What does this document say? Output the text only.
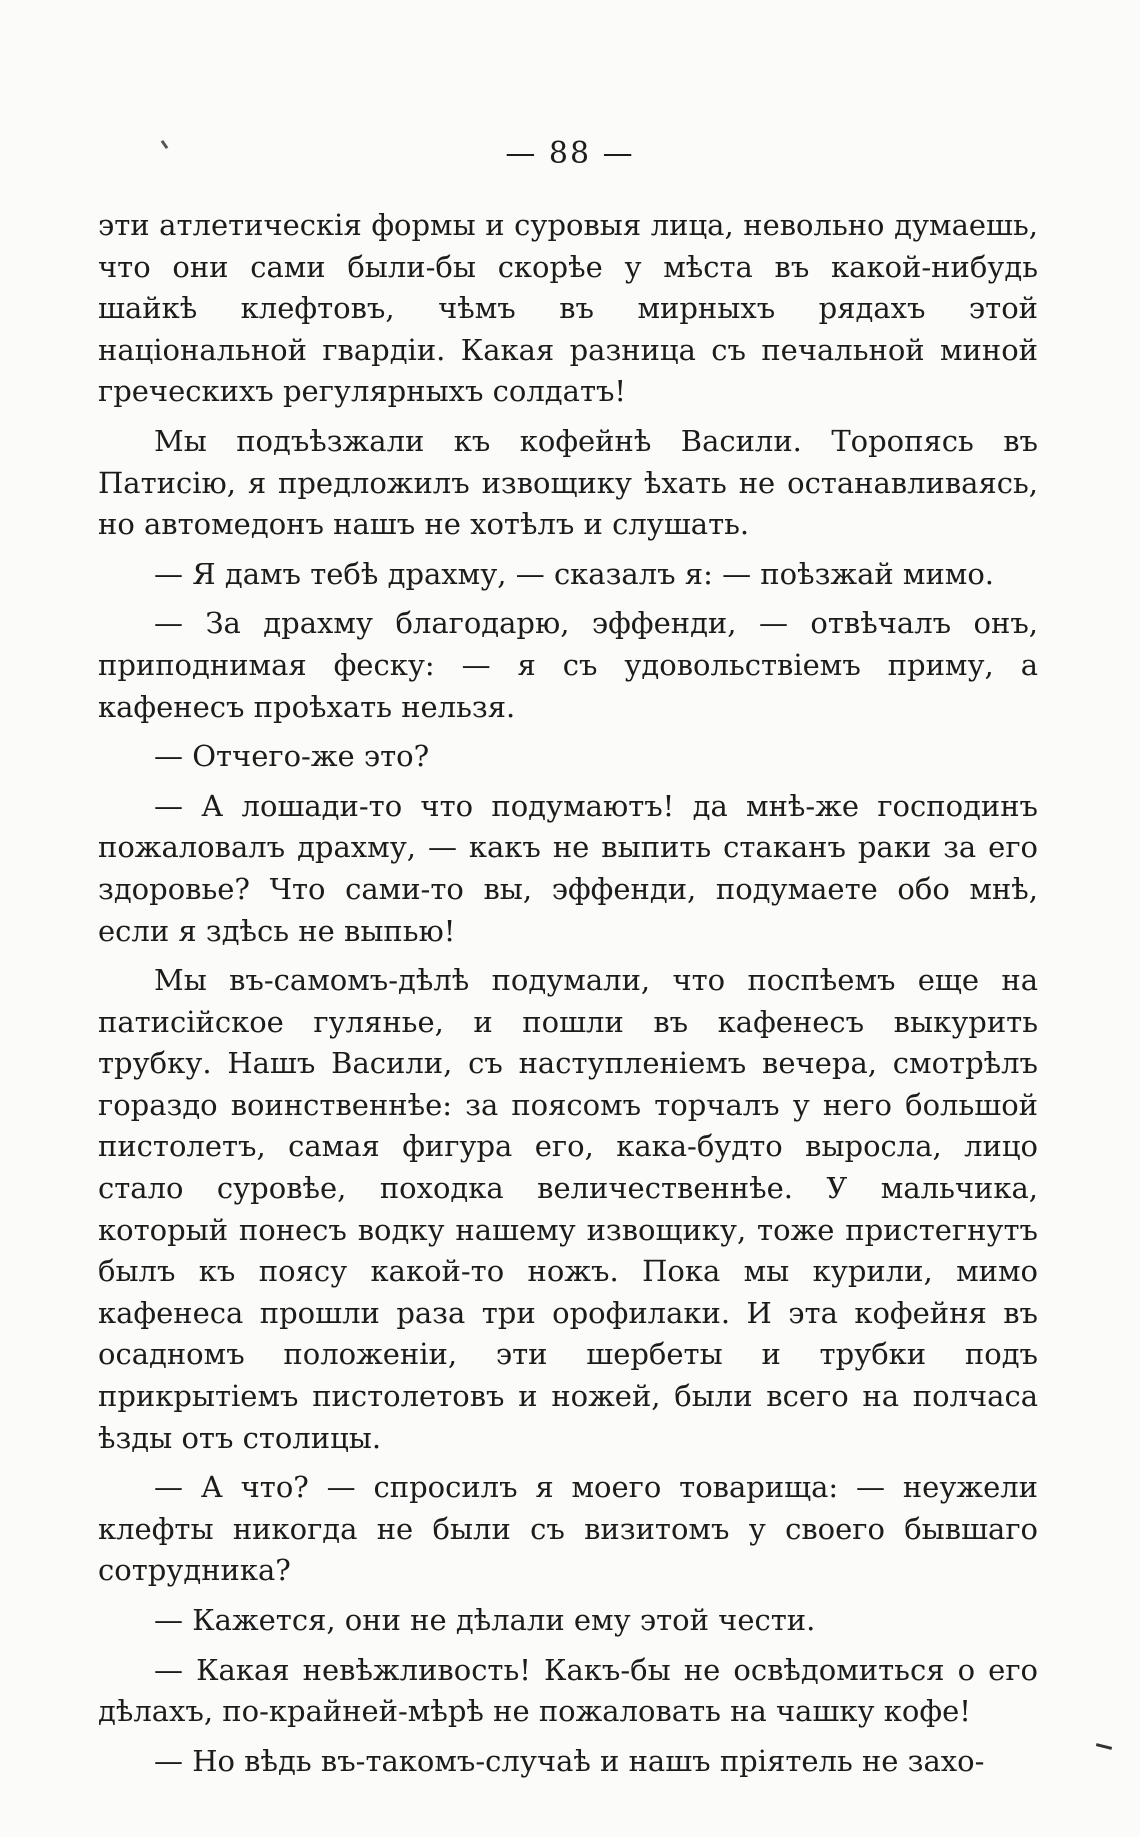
— 88 —

эти атлетическія формы и суровыя лица, невольно думаешь, что они сами были-бы скорѣе у мѣста въ какой-нибудь шайкѣ клефтовъ, чѣмъ въ мирныхъ рядахъ этой національной гвардіи. Какая разница съ печальной миной греческихъ регулярныхъ солдатъ!

Мы подъѣзжали къ кофейнѣ Васили. Торопясь въ Патисію, я предложилъ извощику ѣхать не останавливаясь, но автомедонъ нашъ не хотѣлъ и слушать.

— Я дамъ тебѣ драхму, — сказалъ я: — поѣзжай мимо.

— За драхму благодарю, эффенди, — отвѣчалъ онъ, приподнимая феску: — я съ удовольствіемъ приму, а кафенесъ проѣхать нельзя.

— Отчего-же это?

— А лошади-то что подумаютъ! да мнѣ-же господинъ пожаловалъ драхму, — какъ не выпить стаканъ раки за его здоровье? Что сами-то вы, эффенди, подумаете обо мнѣ, если я здѣсь не выпью!

Мы въ-самомъ-дѣлѣ подумали, что поспѣемъ еще на патисійское гулянье, и пошли въ кафенесъ выкурить трубку. Нашъ Васили, съ наступленіемъ вечера, смотрѣлъ гораздо воинственнѣе: за поясомъ торчалъ у него большой пистолетъ, самая фигура его, кака-будто выросла, лицо стало суровѣе, походка величественнѣе. У мальчика, который понесъ водку нашему извощику, тоже пристегнутъ былъ къ поясу какой-то ножъ. Пока мы курили, мимо кафенеса прошли раза три орофилаки. И эта кофейня въ осадномъ положеніи, эти шербеты и трубки подъ прикрытіемъ пистолетовъ и ножей, были всего на полчаса ѣзды отъ столицы.

— А что? — спросилъ я моего товарища: — неужели клефты никогда не были съ визитомъ у своего бывшаго сотрудника?

— Кажется, они не дѣлали ему этой чести.

— Какая невѣжливость! Какъ-бы не освѣдомиться о его дѣлахъ, по-крайней-мѣрѣ не пожаловать на чашку кофе!

— Но вѣдь въ-такомъ-случаѣ и нашъ пріятель не захо-
